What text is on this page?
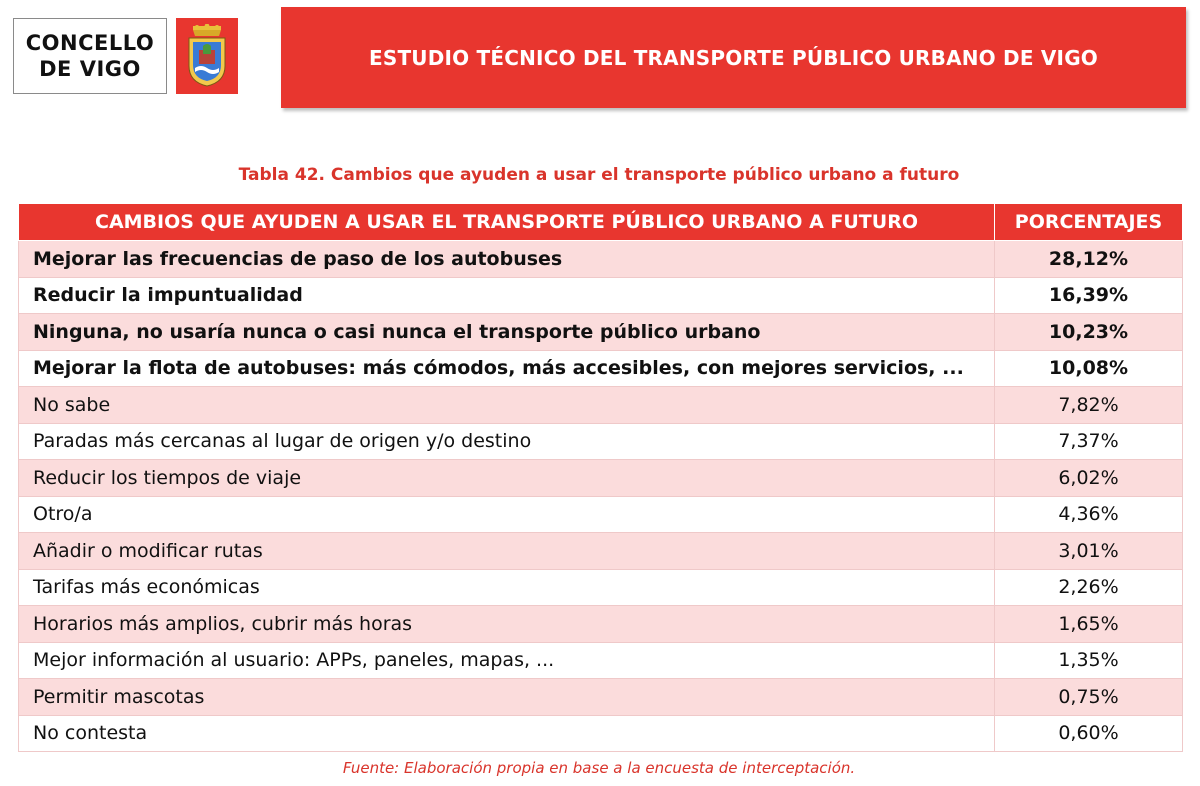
CONCELLO
DE VIGO	ESTUDIO TÉCNICO DEL TRANSPORTE PÚBLICO URBANO DE VIGO
Tabla 42. Cambios que ayuden a usar el transporte público urbano a futuro
CAMBIOS QUE AYUDEN A USAR EL TRANSPORTE PÚBLICO URBANO A FUTURO	PORCENTAJES
Mejorar las frecuencias de paso de los autobuses	28,12%
Reducir la impuntualidad	16,39%
Ninguna, no usaría nunca o casi nunca el transporte público urbano	10,23%
Mejorar la flota de autobuses: más cómodos, más accesibles, con mejores servicios, ...	10,08%
No sabe	7,82%
Paradas más cercanas al lugar de origen y/o destino	7,37%
Reducir los tiempos de viaje	6,02%
Otro/a	4,36%
Añadir o modificar rutas	3,01%
Tarifas más económicas	2,26%
Horarios más amplios, cubrir más horas	1,65%
Mejor información al usuario: APPs, paneles, mapas, ...	1,35%
Permitir mascotas	0,75%
No contesta	0,60%
Fuente: Elaboración propia en base a la encuesta de interceptación.
